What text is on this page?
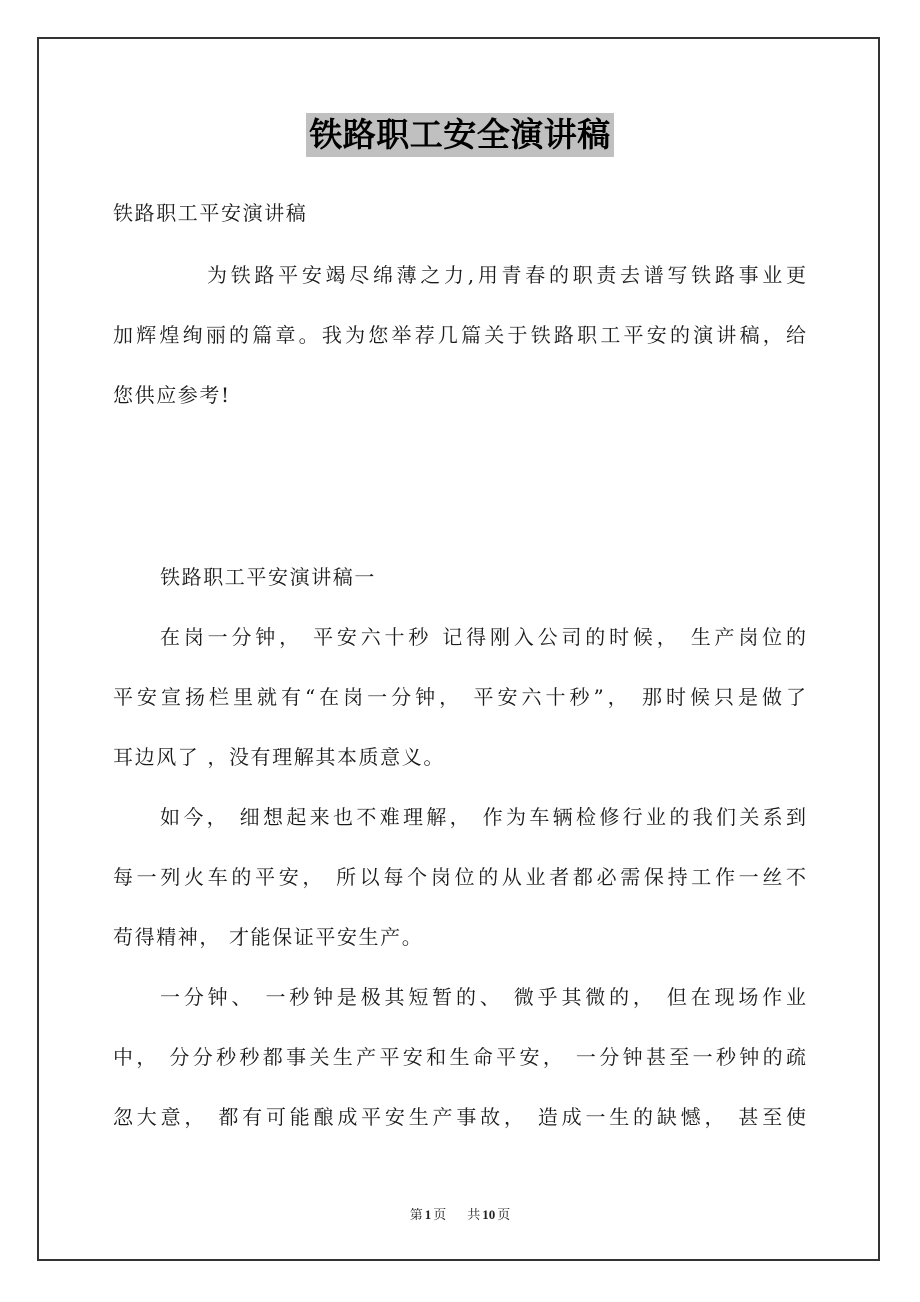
铁路职工安全演讲稿
铁路职工平安演讲稿
为铁路平安竭尽绵薄之力,用青春的职责去谱写铁路事业更
加辉煌绚丽的篇章。我为您举荐几篇关于铁路职工平安的演讲稿，给
您供应参考!
铁路职工平安演讲稿一
在岗一分钟， 平安六十秒 记得刚入公司的时候， 生产岗位的
平安宣扬栏里就有“在岗一分钟， 平安六十秒”， 那时候只是做了
耳边风了 ，没有理解其本质意义。
如今， 细想起来也不难理解， 作为车辆检修行业的我们关系到
每一列火车的平安， 所以每个岗位的从业者都必需保持工作一丝不
苟得精神， 才能保证平安生产。
一分钟、 一秒钟是极其短暂的、 微乎其微的， 但在现场作业
中， 分分秒秒都事关生产平安和生命平安， 一分钟甚至一秒钟的疏
忽大意， 都有可能酿成平安生产事故， 造成一生的缺憾， 甚至使
第 1 页 共 10 页
